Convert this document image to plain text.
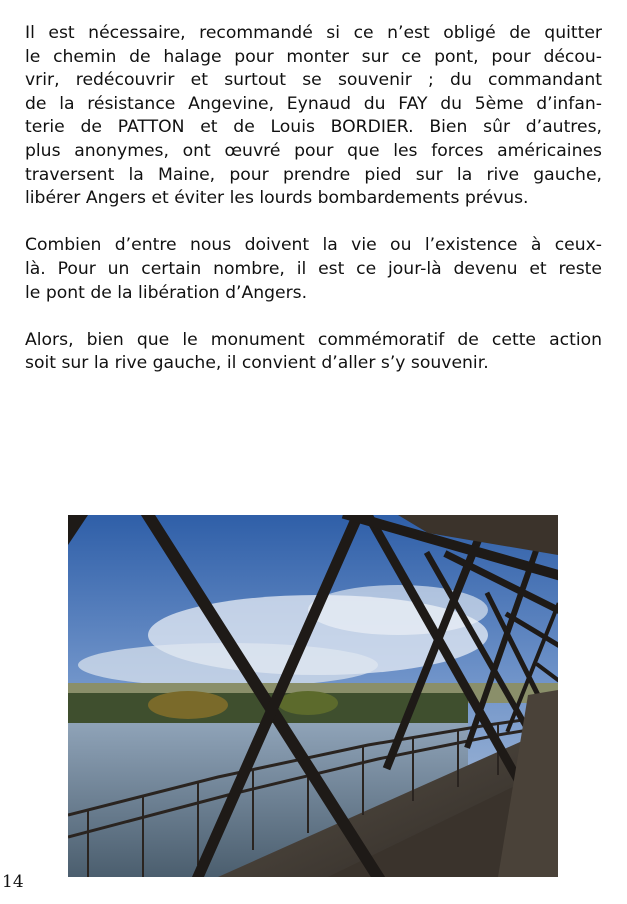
Il est nécessaire, recommandé si ce n’est obligé de quitter
le chemin de halage pour monter sur ce pont, pour décou-
vrir, redécouvrir et surtout se souvenir ; du commandant
de la résistance Angevine, Eynaud du FAY du 5ème d’infan-
terie de PATTON et de Louis BORDIER. Bien sûr d’autres,
plus anonymes, ont œuvré pour que les forces américaines
traversent la Maine, pour prendre pied sur la rive gauche,
libérer Angers et éviter les lourds bombardements prévus.

Combien d’entre nous doivent la vie ou l’existence à ceux-
là. Pour un certain nombre, il est ce jour-là devenu et reste
le pont de la libération d’Angers.

Alors, bien que le monument commémoratif de cette action
soit sur la rive gauche, il convient d’aller s’y souvenir.

14
